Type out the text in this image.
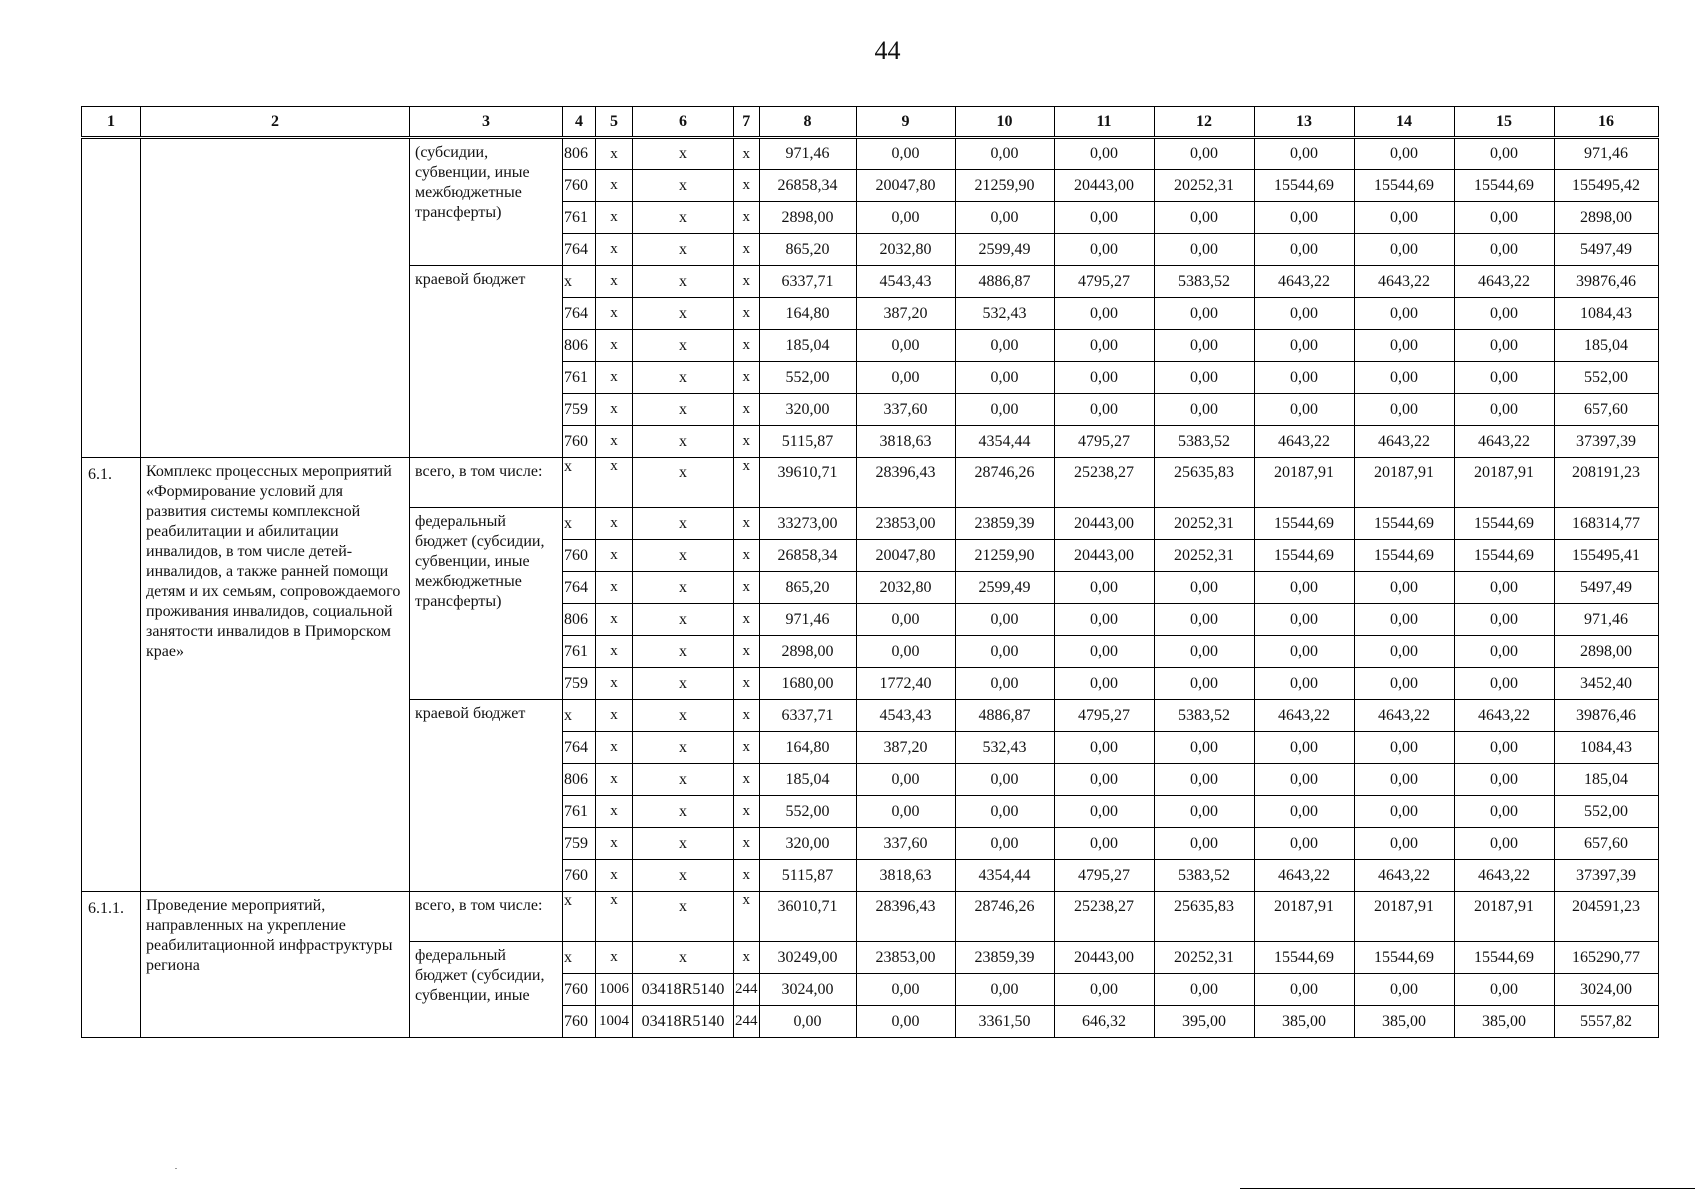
44
1	2	3	4	5	6	7	8	9	10	11	12	13	14	15	16
		(субсидии, субвенции, иные межбюджетные трансферты)	806	x	x	x	971,46	0,00	0,00	0,00	0,00	0,00	0,00	0,00	971,46
			760	x	x	x	26858,34	20047,80	21259,90	20443,00	20252,31	15544,69	15544,69	15544,69	155495,42
			761	x	x	x	2898,00	0,00	0,00	0,00	0,00	0,00	0,00	0,00	2898,00
			764	x	x	x	865,20	2032,80	2599,49	0,00	0,00	0,00	0,00	0,00	5497,49
		краевой бюджет	x	x	x	x	6337,71	4543,43	4886,87	4795,27	5383,52	4643,22	4643,22	4643,22	39876,46
			764	x	x	x	164,80	387,20	532,43	0,00	0,00	0,00	0,00	0,00	1084,43
			806	x	x	x	185,04	0,00	0,00	0,00	0,00	0,00	0,00	0,00	185,04
			761	x	x	x	552,00	0,00	0,00	0,00	0,00	0,00	0,00	0,00	552,00
			759	x	x	x	320,00	337,60	0,00	0,00	0,00	0,00	0,00	0,00	657,60
			760	x	x	x	5115,87	3818,63	4354,44	4795,27	5383,52	4643,22	4643,22	4643,22	37397,39
6.1.	Комплекс процессных мероприятий «Формирование условий для развития системы комплексной реабилитации и абилитации инвалидов, в том числе детей-инвалидов, а также ранней помощи детям и их семьям, сопровождаемого проживания инвалидов, социальной занятости инвалидов в Приморском крае»	всего, в том числе:	x	x	x	x	39610,71	28396,43	28746,26	25238,27	25635,83	20187,91	20187,91	20187,91	208191,23
		федеральный бюджет (субсидии, субвенции, иные межбюджетные трансферты)	x	x	x	x	33273,00	23853,00	23859,39	20443,00	20252,31	15544,69	15544,69	15544,69	168314,77
			760	x	x	x	26858,34	20047,80	21259,90	20443,00	20252,31	15544,69	15544,69	15544,69	155495,41
			764	x	x	x	865,20	2032,80	2599,49	0,00	0,00	0,00	0,00	0,00	5497,49
			806	x	x	x	971,46	0,00	0,00	0,00	0,00	0,00	0,00	0,00	971,46
			761	x	x	x	2898,00	0,00	0,00	0,00	0,00	0,00	0,00	0,00	2898,00
			759	x	x	x	1680,00	1772,40	0,00	0,00	0,00	0,00	0,00	0,00	3452,40
		краевой бюджет	x	x	x	x	6337,71	4543,43	4886,87	4795,27	5383,52	4643,22	4643,22	4643,22	39876,46
			764	x	x	x	164,80	387,20	532,43	0,00	0,00	0,00	0,00	0,00	1084,43
			806	x	x	x	185,04	0,00	0,00	0,00	0,00	0,00	0,00	0,00	185,04
			761	x	x	x	552,00	0,00	0,00	0,00	0,00	0,00	0,00	0,00	552,00
			759	x	x	x	320,00	337,60	0,00	0,00	0,00	0,00	0,00	0,00	657,60
			760	x	x	x	5115,87	3818,63	4354,44	4795,27	5383,52	4643,22	4643,22	4643,22	37397,39
6.1.1.	Проведение мероприятий, направленных на укрепление реабилитационной инфраструктуры региона	всего, в том числе:	x	x	x	x	36010,71	28396,43	28746,26	25238,27	25635,83	20187,91	20187,91	20187,91	204591,23
		федеральный бюджет (субсидии, субвенции, иные	x	x	x	x	30249,00	23853,00	23859,39	20443,00	20252,31	15544,69	15544,69	15544,69	165290,77
			760	1006	03418R5140	244	3024,00	0,00	0,00	0,00	0,00	0,00	0,00	0,00	3024,00
			760	1004	03418R5140	244	0,00	0,00	3361,50	646,32	395,00	385,00	385,00	385,00	5557,82
